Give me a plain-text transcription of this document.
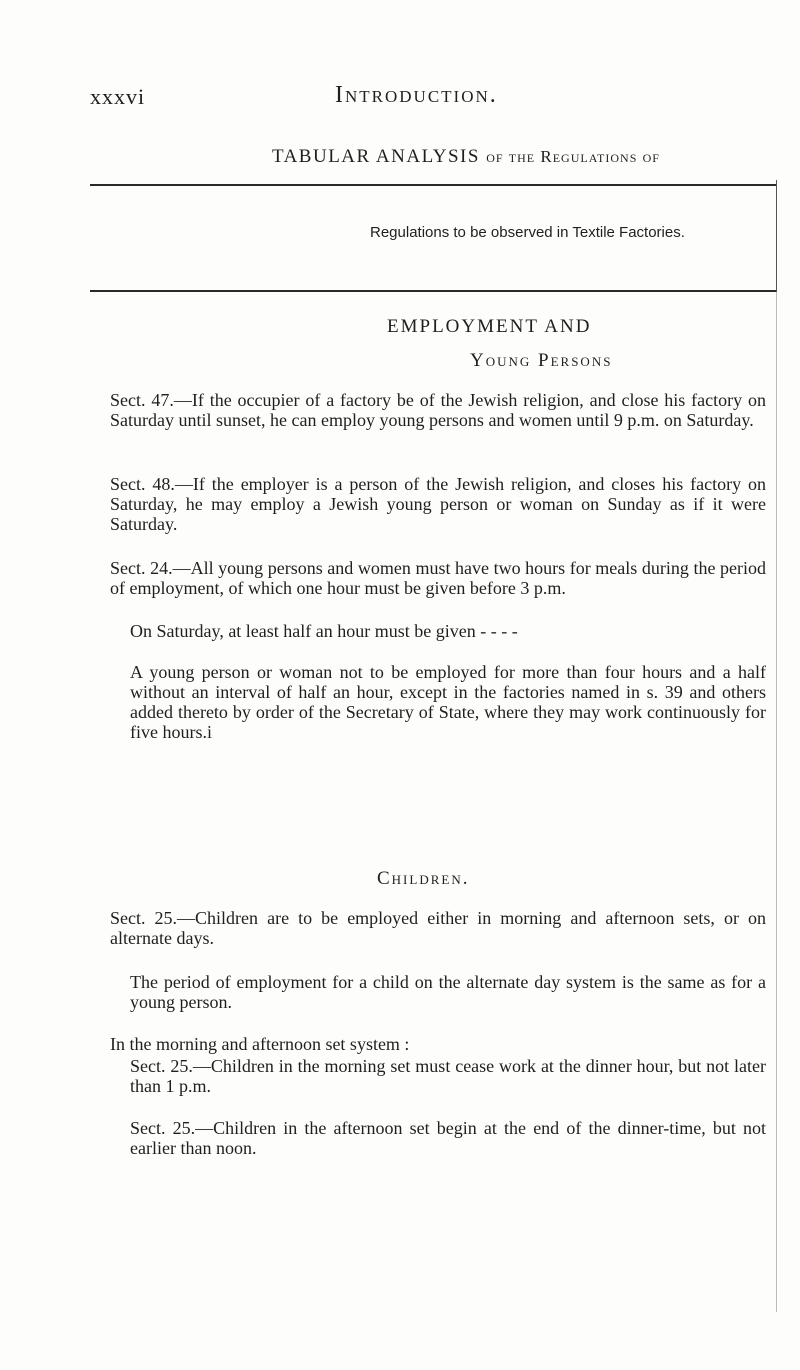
xxxvi	Introduction.
TABULAR ANALYSIS of the Regulations of
Regulations to be observed in Textile Factories.
EMPLOYMENT AND
Young Persons
Sect. 47.—If the occupier of a factory be of the Jewish religion, and close his factory on Saturday until sunset, he can employ young persons and women until 9 p.m. on Saturday.
Sect. 48.—If the employer is a person of the Jewish religion, and closes his factory on Saturday, he may employ a Jewish young person or woman on Sunday as if it were Saturday.
Sect. 24.—All young persons and women must have two hours for meals during the period of employment, of which one hour must be given before 3 p.m.
On Saturday, at least half an hour must be given - - - -
A young person or woman not to be employed for more than four hours and a half without an interval of half an hour, except in the factories named in s. 39 and others added thereto by order of the Secretary of State, where they may work continuously for five hours.i
Children.
Sect. 25.—Children are to be employed either in morning and afternoon sets, or on alternate days.
The period of employment for a child on the alternate day system is the same as for a young person.
In the morning and afternoon set system :
Sect. 25.—Children in the morning set must cease work at the dinner hour, but not later than 1 p.m.
Sect. 25.—Children in the afternoon set begin at the end of the dinner-time, but not earlier than noon.
